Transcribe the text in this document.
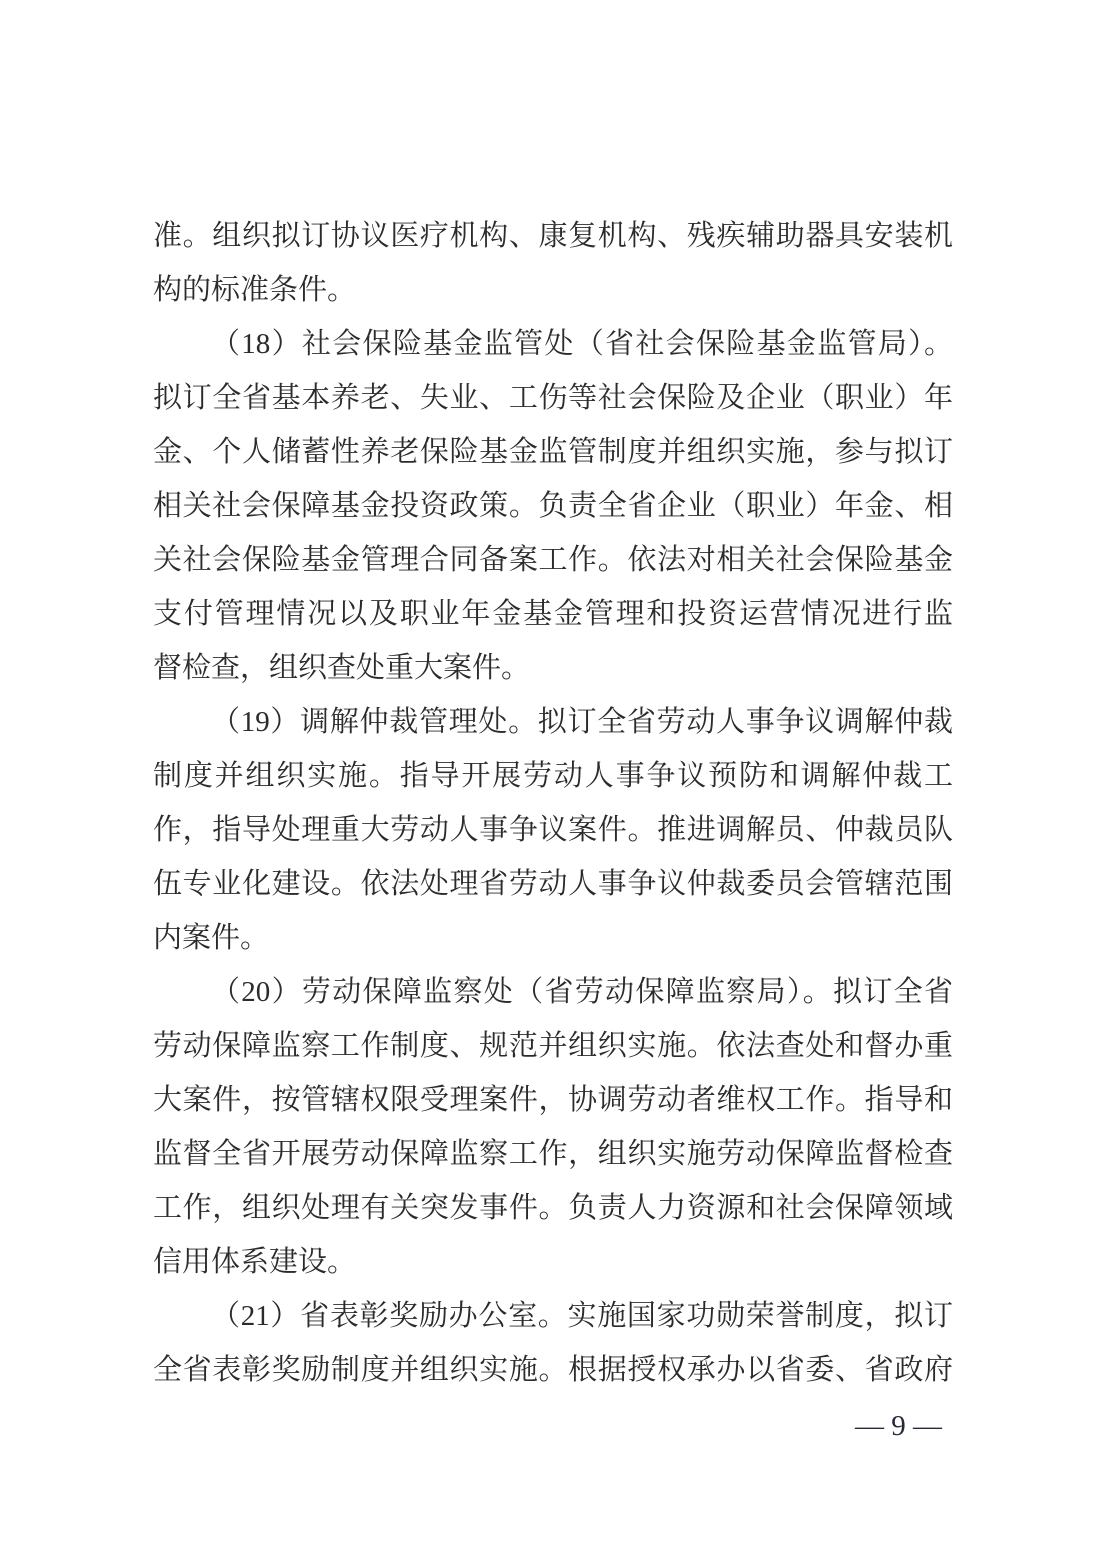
准。组织拟订协议医疗机构、康复机构、残疾辅助器具安装机
构的标准条件。
（18）社会保险基金监管处（省社会保险基金监管局）。
拟订全省基本养老、失业、工伤等社会保险及企业（职业）年
金、个人储蓄性养老保险基金监管制度并组织实施，参与拟订
相关社会保障基金投资政策。负责全省企业（职业）年金、相
关社会保险基金管理合同备案工作。依法对相关社会保险基金
支付管理情况以及职业年金基金管理和投资运营情况进行监
督检查，组织查处重大案件。
（19）调解仲裁管理处。拟订全省劳动人事争议调解仲裁
制度并组织实施。指导开展劳动人事争议预防和调解仲裁工
作，指导处理重大劳动人事争议案件。推进调解员、仲裁员队
伍专业化建设。依法处理省劳动人事争议仲裁委员会管辖范围
内案件。
（20）劳动保障监察处（省劳动保障监察局）。拟订全省
劳动保障监察工作制度、规范并组织实施。依法查处和督办重
大案件，按管辖权限受理案件，协调劳动者维权工作。指导和
监督全省开展劳动保障监察工作，组织实施劳动保障监督检查
工作，组织处理有关突发事件。负责人力资源和社会保障领域
信用体系建设。
（21）省表彰奖励办公室。实施国家功勋荣誉制度，拟订
全省表彰奖励制度并组织实施。根据授权承办以省委、省政府
— 9 —
